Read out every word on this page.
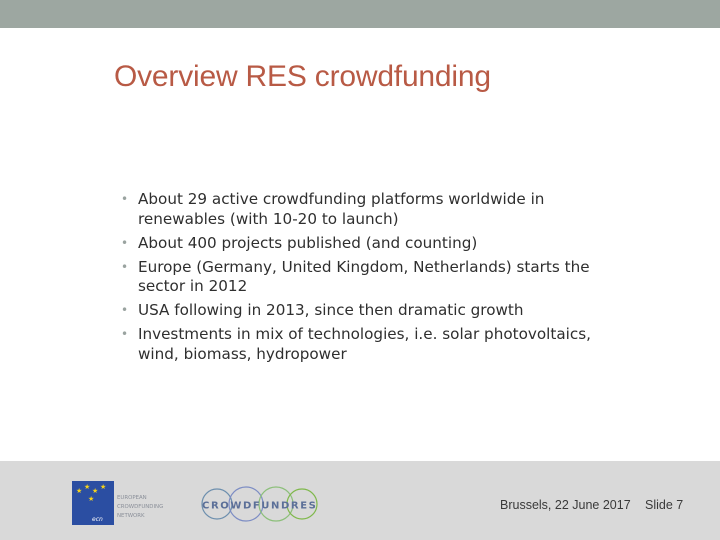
Overview RES crowdfunding
• About 29 active crowdfunding platforms worldwide in renewables (with 10-20 to launch)
• About 400 projects published (and counting)
• Europe (Germany, United Kingdom, Netherlands) starts the sector in 2012
• USA following in 2013, since then dramatic growth
• Investments in mix of technologies, i.e. solar photovoltaics, wind, biomass, hydropower
★ ★ ★ ★
★
ecn
EUROPEAN
CROWDFUNDING
NETWORK
CROWDFUNDRES	Brussels, 22 June 2017 Slide 7
